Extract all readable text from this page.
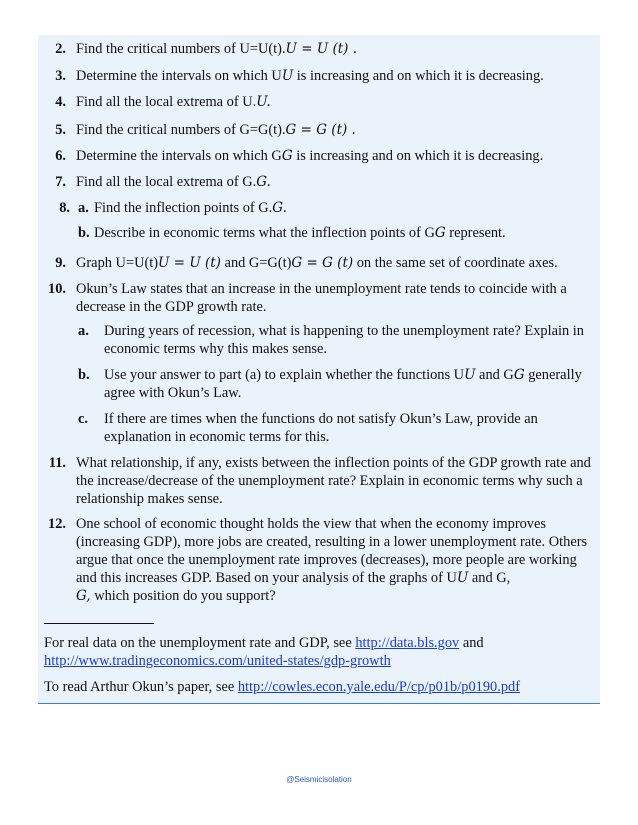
2. Find the critical numbers of U=U(t).U = U (t) .
3. Determine the intervals on which UU is increasing and on which it is decreasing.
4. Find all the local extrema of U.U.
5. Find the critical numbers of G=G(t).G = G (t) .
6. Determine the intervals on which GG is increasing and on which it is decreasing.
7. Find all the local extrema of G.G.
8. a. Find the inflection points of G.G.
b. Describe in economic terms what the inflection points of GG represent.
9. Graph U=U(t)U = U (t) and G=G(t)G = G (t) on the same set of coordinate axes.
10. Okun’s Law states that an increase in the unemployment rate tends to coincide with a decrease in the GDP growth rate.
a. During years of recession, what is happening to the unemployment rate? Explain in economic terms why this makes sense.
b. Use your answer to part (a) to explain whether the functions UU and GG generally agree with Okun’s Law.
c. If there are times when the functions do not satisfy Okun’s Law, provide an explanation in economic terms for this.
11. What relationship, if any, exists between the inflection points of the GDP growth rate and the increase/decrease of the unemployment rate? Explain in economic terms why such a relationship makes sense.
12. One school of economic thought holds the view that when the economy improves (increasing GDP), more jobs are created, resulting in a lower unemployment rate. Others argue that once the unemployment rate improves (decreases), more people are working and this increases GDP. Based on your analysis of the graphs of UU and G,
G, which position do you support?
For real data on the unemployment rate and GDP, see http://data.bls.gov and
http://www.tradingeconomics.com/united-states/gdp-growth
To read Arthur Okun’s paper, see http://cowles.econ.yale.edu/P/cp/p01b/p0190.pdf
@Seismicisolation
